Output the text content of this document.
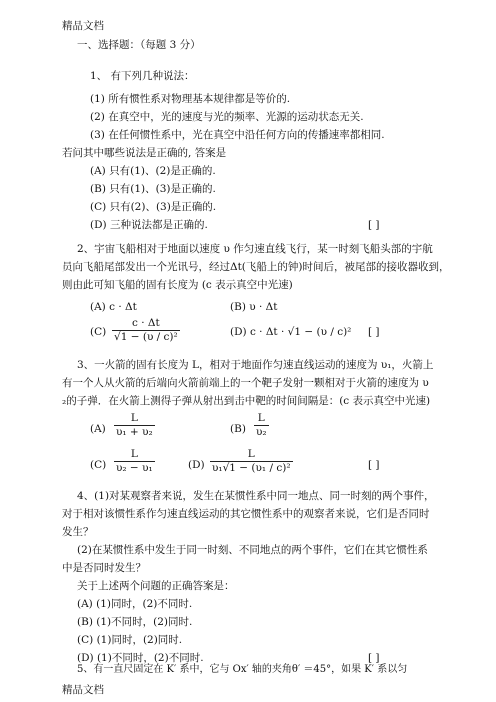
精品文档
一、选择题：（每题 3 分）
1、 有下列几种说法：
(1) 所有惯性系对物理基本规律都是等价的.
(2) 在真空中，光的速度与光的频率、光源的运动状态无关.
(3) 在任何惯性系中，光在真空中沿任何方向的传播速率都相同.
若问其中哪些说法是正确的, 答案是
(A) 只有(1)、(2)是正确的.
(B) 只有(1)、(3)是正确的.
(C) 只有(2)、(3)是正确的.
(D) 三种说法都是正确的.	[ ]
2、宇宙飞船相对于地面以速度 υ 作匀速直线飞行，某一时刻飞船头部的宇航
员向飞船尾部发出一个光讯号，经过Δt(飞船上的钟)时间后，被尾部的接收器收到，
则由此可知飞船的固有长度为 (c 表示真空中光速)
(A) c · Δt	(B) υ · Δt
$(C) \frac{c \cdot \Delta t}{\text{√1 − (υ / c)²}}$	(D) c · Δt · √1 − (υ / c)² [ ]
3、一火箭的固有长度为 L，相对于地面作匀速直线运动的速度为 υ₁，火箭上
有一个人从火箭的后端向火箭前端上的一个靶子发射一颗相对于火箭的速度为 υ
₂的子弹．在火箭上测得子弹从射出到击中靶的时间间隔是：(c 表示真空中光速)
$(A) \frac{L}{\text{υ₁ + υ₂}}$	$(B) \frac{L}{\text{υ₂}}$
$(C) \frac{L}{\text{υ₂ − υ₁}}$	$(D) \frac{L}{\text{υ₁√1 − (υ₁ / c)²}}$	[ ]
4、(1)对某观察者来说，发生在某惯性系中同一地点、同一时刻的两个事件，
对于相对该惯性系作匀速直线运动的其它惯性系中的观察者来说，它们是否同时
发生？
(2)在某惯性系中发生于同一时刻、不同地点的两个事件，它们在其它惯性系
中是否同时发生？
关于上述两个问题的正确答案是：
(A) (1)同时，(2)不同时.
(B) (1)不同时，(2)同时.
(C) (1)同时，(2)同时.
(D) (1)不同时，(2)不同时.	[ ]
5、有一直尺固定在 K′ 系中，它与 Ox′ 轴的夹角θ′ ＝45°，如果 K′ 系以匀
精品文档
